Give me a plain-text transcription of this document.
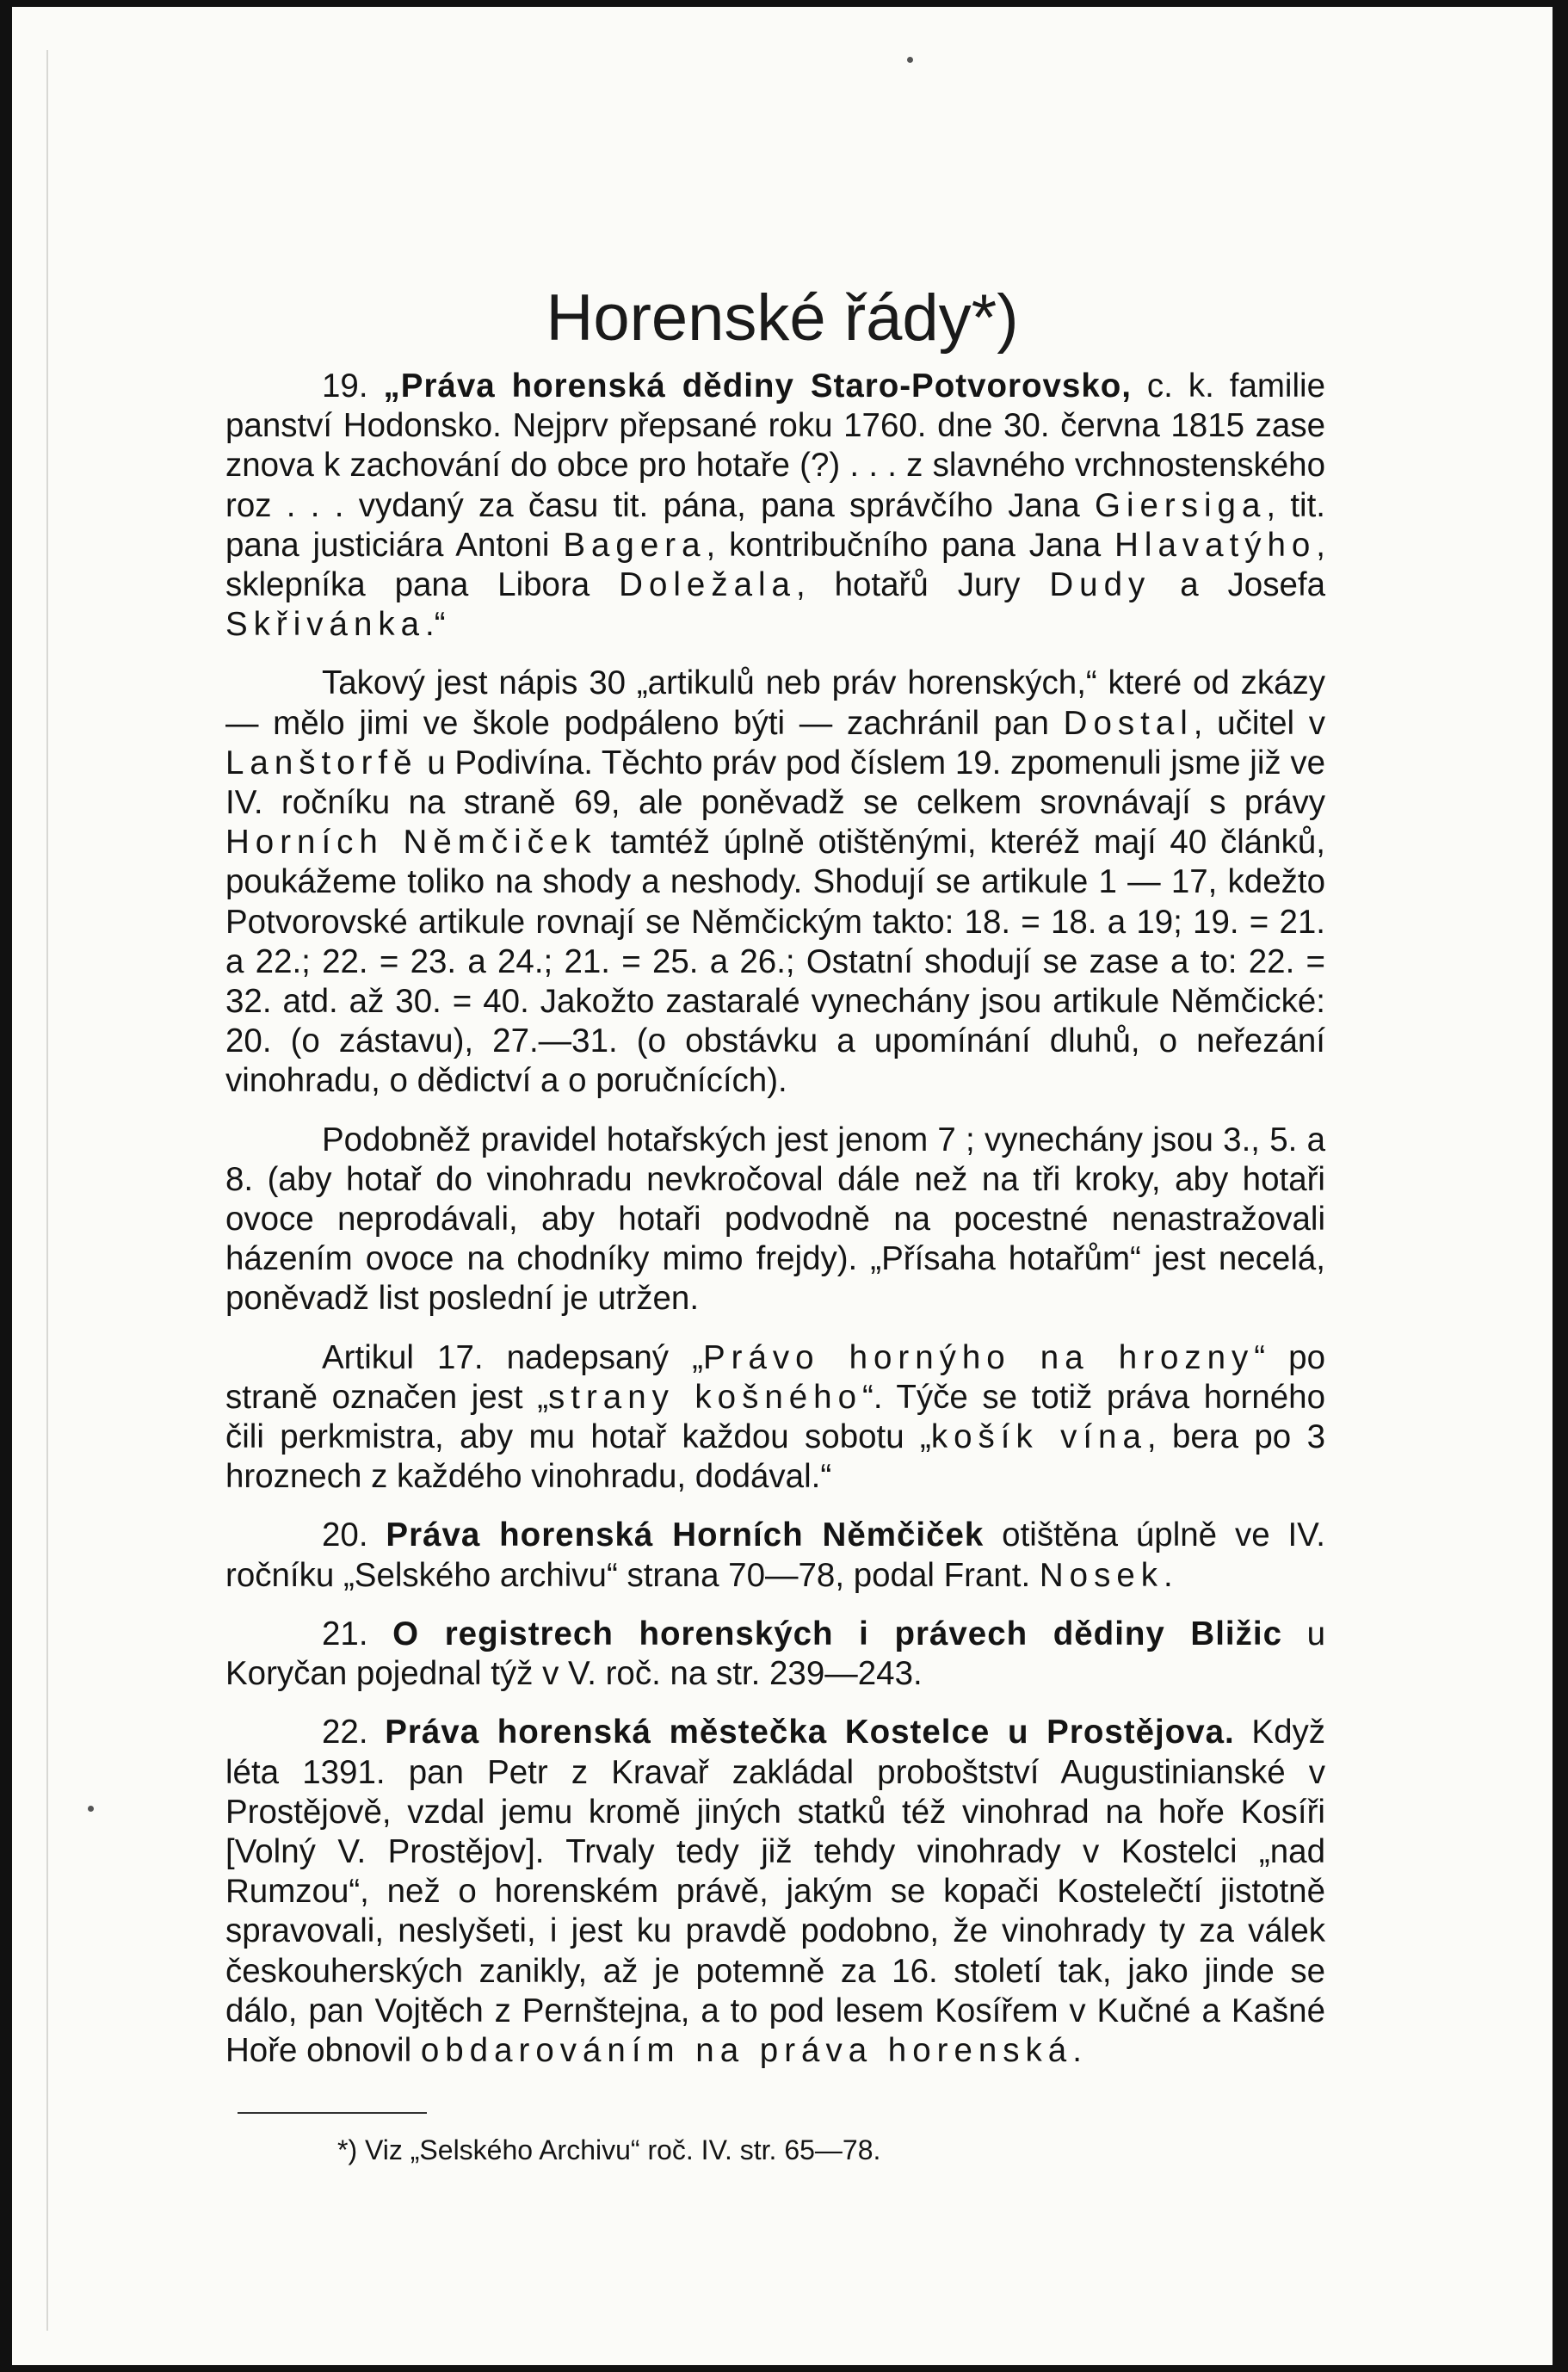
Horenské řády*)

19. „Práva horenská dědiny Staro-Potvorovsko, c. k. familie panství Hodonsko. Nejprv přepsané roku 1760. dne 30. června 1815 zase znova k zachování do obce pro hotaře (?) . . . z slavného vrchnostenského roz . . . vydaný za času tit. pána, pana správčího Jana Giersiga, tit. pana justiciára Antoni Bagera, kontribučního pana Jana Hlavatýho, sklepníka pana Libora Doležala, hotařů Jury Dudy a Josefa Skřivánka.“

Takový jest nápis 30 „artikulů neb práv horenských,“ které od zkázy — mělo jimi ve škole podpáleno býti — zachránil pan Dostal, učitel v Lanštorfě u Podivína. Těchto práv pod číslem 19. zpomenuli jsme již ve IV. ročníku na straně 69, ale poněvadž se celkem srovnávají s právy Horních Němčiček tamtéž úplně otištěnými, kteréž mají 40 článků, poukážeme toliko na shody a neshody. Shodují se artikule 1 — 17, kdežto Potvorovské artikule rovnají se Němčickým takto: 18. = 18. a 19; 19. = 21. a 22.; 22. = 23. a 24.; 21. = 25. a 26.; Ostatní shodují se zase a to: 22. = 32. atd. až 30. = 40. Jakožto zastaralé vynechány jsou artikule Němčické: 20. (o zástavu), 27.—31. (o obstávku a upomínání dluhů, o neřezání vinohradu, o dědictví a o poručnících).

Podobněž pravidel hotařských jest jenom 7 ; vynechány jsou 3., 5. a 8. (aby hotař do vinohradu nevkročoval dále než na tři kroky, aby hotaři ovoce neprodávali, aby hotaři podvodně na pocestné nenastražovali házením ovoce na chodníky mimo frejdy). „Přísaha hotařům“ jest necelá, poněvadž list poslední je utržen.

Artikul 17. nadepsaný „Právo hornýho na hrozny“ po straně označen jest „strany košného“. Týče se totiž práva horného čili perkmistra, aby mu hotař každou sobotu „košík vína, bera po 3 hroznech z každého vinohradu, dodával.“

20. Práva horenská Horních Němčiček otištěna úplně ve IV. ročníku „Selského archivu“ strana 70—78, podal Frant. Nosek.

21. O registrech horenských i právech dědiny Bližic u Koryčan pojednal týž v V. roč. na str. 239—243.

22. Práva horenská městečka Kostelce u Prostějova. Když léta 1391. pan Petr z Kravař zakládal proboštství Augustinianské v Prostějově, vzdal jemu kromě jiných statků též vinohrad na hoře Kosíři [Volný V. Prostějov]. Trvaly tedy již tehdy vinohrady v Kostelci „nad Rumzou“, než o horenském právě, jakým se kopači Kostelečtí jistotně spravovali, neslyšeti, i jest ku pravdě podobno, že vinohrady ty za válek českouherských zanikly, až je potemně za 16. století tak, jako jinde se dálo, pan Vojtěch z Pernštejna, a to pod lesem Kosířem v Kučné a Kašné Hoře obnovil obdarováním na práva horenská.

*) Viz „Selského Archivu“ roč. IV. str. 65—78.
